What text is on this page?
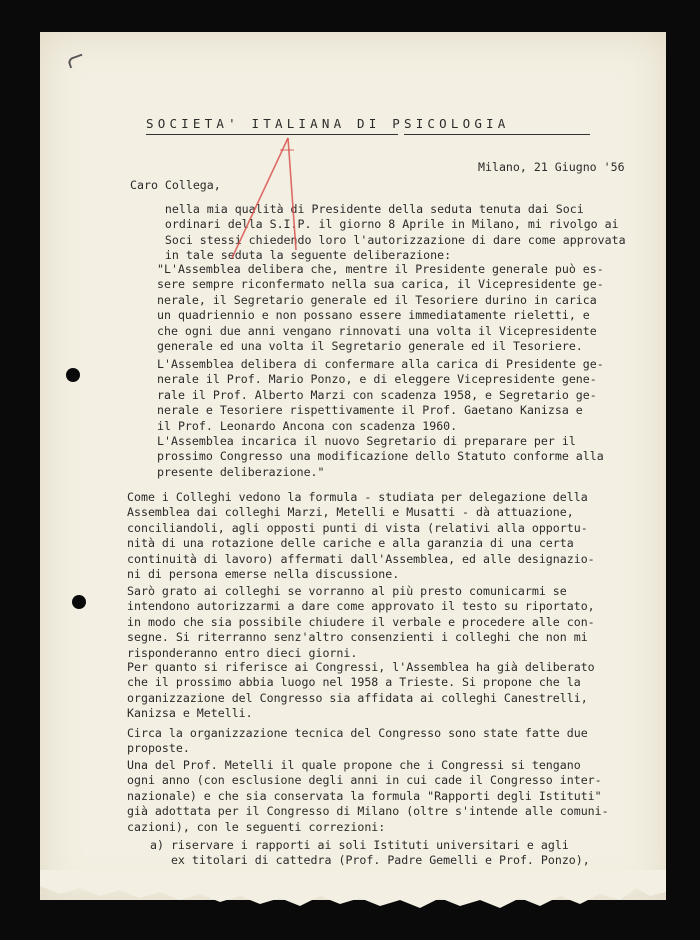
SOCIETA' ITALIANA DI PSICOLOGIA
Milano, 21 Giugno '56
Caro Collega,
nella mia qualità di Presidente della seduta tenuta dai Soci
ordinari della S.I.P. il giorno 8 Aprile in Milano, mi rivolgo ai
Soci stessi chiedendo loro l'autorizzazione di dare come approvata
in tale seduta la seguente deliberazione:
"L'Assemblea delibera che, mentre il Presidente generale può es-
sere sempre riconfermato nella sua carica, il Vicepresidente ge-
nerale, il Segretario generale ed il Tesoriere durino in carica
un quadriennio e non possano essere immediatamente rieletti, e
che ogni due anni vengano rinnovati una volta il Vicepresidente
generale ed una volta il Segretario generale ed il Tesoriere.
L'Assemblea delibera di confermare alla carica di Presidente ge-
nerale il Prof. Mario Ponzo, e di eleggere Vicepresidente gene-
rale il Prof. Alberto Marzi con scadenza 1958, e Segretario ge-
nerale e Tesoriere rispettivamente il Prof. Gaetano Kanizsa e
il Prof. Leonardo Ancona con scadenza 1960.
L'Assemblea incarica il nuovo Segretario di preparare per il
prossimo Congresso una modificazione dello Statuto conforme alla
presente deliberazione."
Come i Colleghi vedono la formula - studiata per delegazione della
Assemblea dai colleghi Marzi, Metelli e Musatti - dà attuazione,
conciliandoli, agli opposti punti di vista (relativi alla opportu-
nità di una rotazione delle cariche e alla garanzia di una certa
continuità di lavoro) affermati dall'Assemblea, ed alle designazio-
ni di persona emerse nella discussione.
Sarò grato ai colleghi se vorranno al più presto comunicarmi se
intendono autorizzarmi a dare come approvato il testo su riportato,
in modo che sia possibile chiudere il verbale e procedere alle con-
segne. Si riterranno senz'altro consenzienti i colleghi che non mi
risponderanno entro dieci giorni.
Per quanto si riferisce ai Congressi, l'Assemblea ha già deliberato
che il prossimo abbia luogo nel 1958 a Trieste. Si propone che la
organizzazione del Congresso sia affidata ai colleghi Canestrelli,
Kanizsa e Metelli.
Circa la organizzazione tecnica del Congresso sono state fatte due
proposte.
Una del Prof. Metelli il quale propone che i Congressi si tengano
ogni anno (con esclusione degli anni in cui cade il Congresso inter-
nazionale) e che sia conservata la formula "Rapporti degli Istituti"
già adottata per il Congresso di Milano (oltre s'intende alle comuni-
cazioni), con le seguenti correzioni:
a) riservare i rapporti ai soli Istituti universitari e agli
ex titolari di cattedra (Prof. Padre Gemelli e Prof. Ponzo),
